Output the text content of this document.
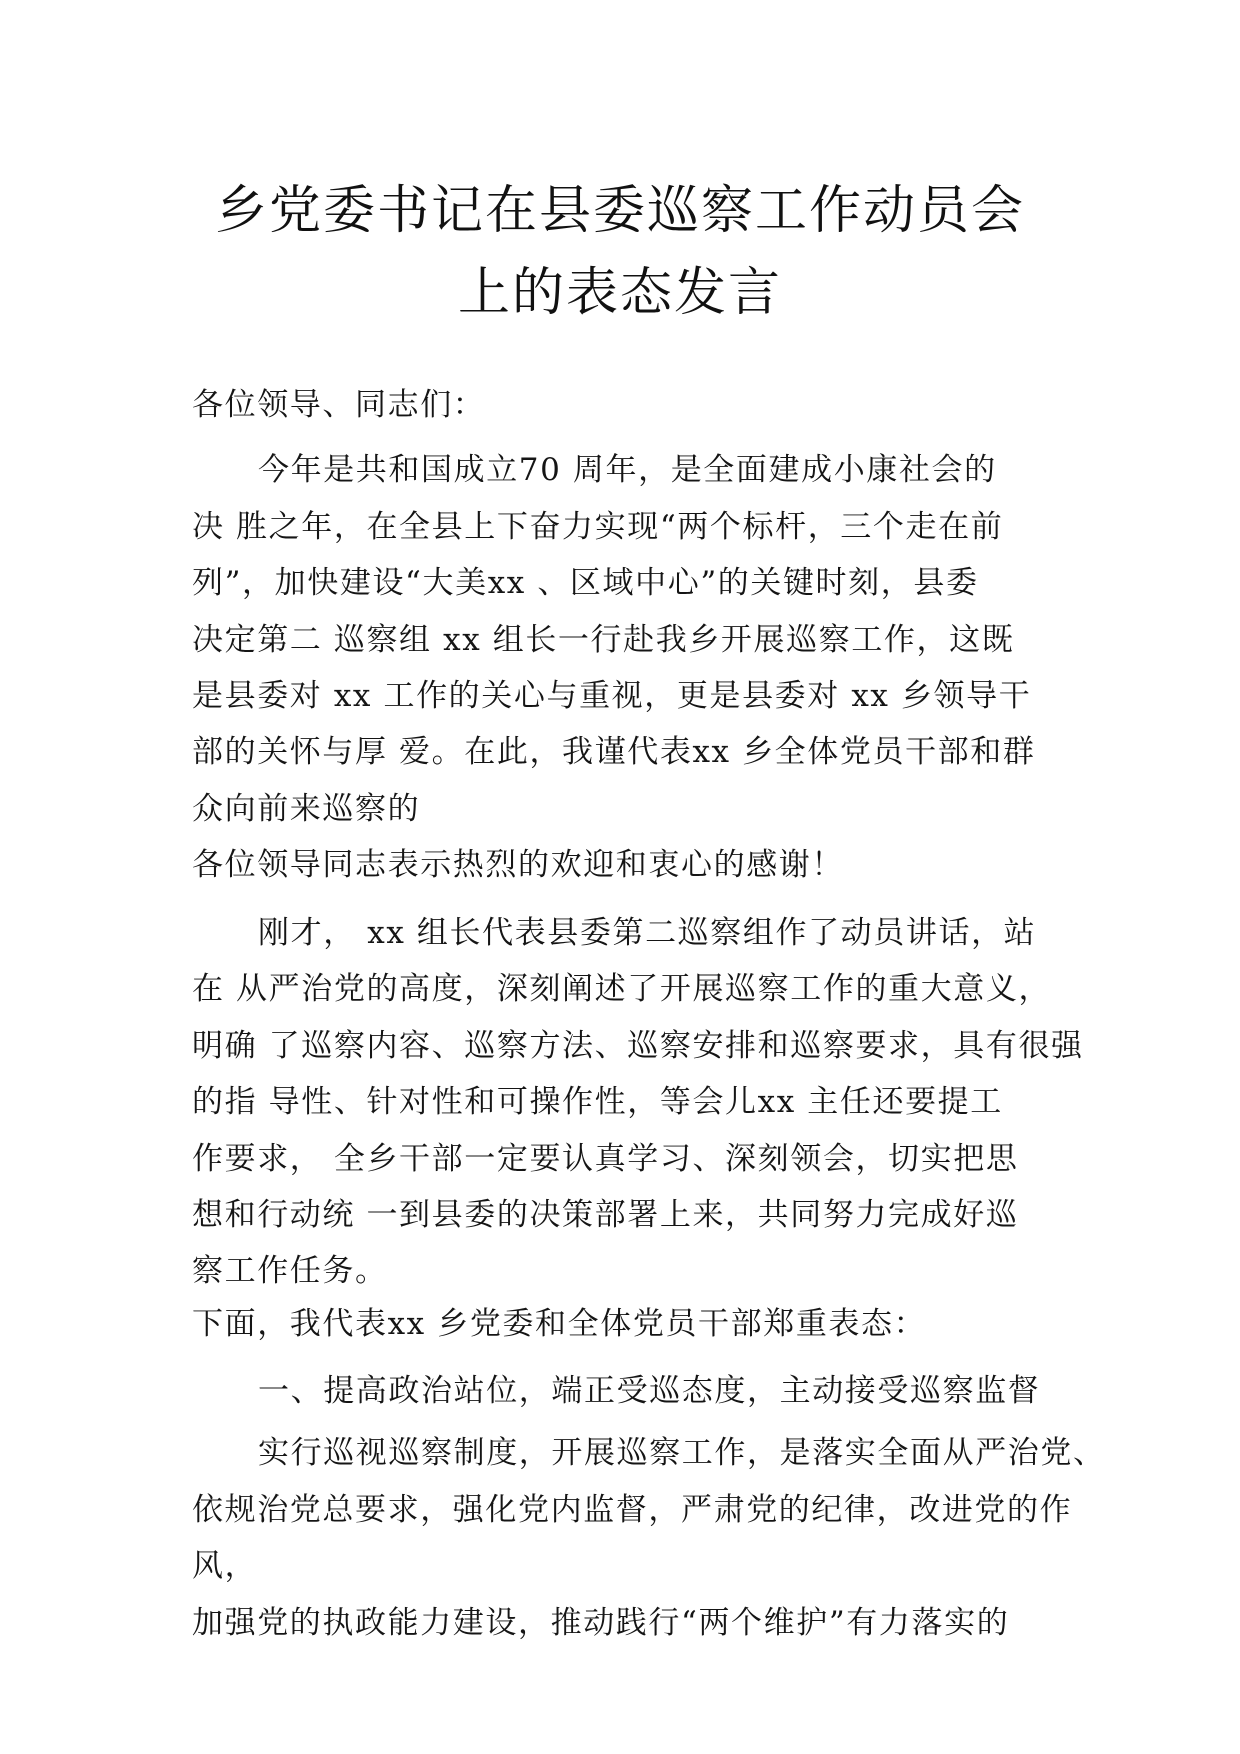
乡党委书记在县委巡察工作动员会
上的表态发言
各位领导、同志们：
今年是共和国成立70 周年，是全面建成小康社会的
决 胜之年，在全县上下奋力实现“两个标杆，三个走在前
列”，加快建设“大美xx 、区域中心”的关键时刻，县委
决定第二 巡察组 xx 组长一行赴我乡开展巡察工作，这既
是县委对 xx 工作的关心与重视，更是县委对 xx 乡领导干
部的关怀与厚 爱。在此，我谨代表xx 乡全体党员干部和群
众向前来巡察的
各位领导同志表示热烈的欢迎和衷心的感谢！
刚才， xx 组长代表县委第二巡察组作了动员讲话，站
在 从严治党的高度，深刻阐述了开展巡察工作的重大意义，
明确 了巡察内容、巡察方法、巡察安排和巡察要求，具有很强
的指 导性、针对性和可操作性，等会儿xx 主任还要提工
作要求， 全乡干部一定要认真学习、深刻领会，切实把思
想和行动统 一到县委的决策部署上来，共同努力完成好巡
察工作任务。
下面，我代表xx 乡党委和全体党员干部郑重表态：
一、提高政治站位，端正受巡态度，主动接受巡察监督
实行巡视巡察制度，开展巡察工作，是落实全面从严治党、
依规治党总要求，强化党内监督，严肃党的纪律，改进党的作
风，
加强党的执政能力建设，推动践行“两个维护”有力落实的
